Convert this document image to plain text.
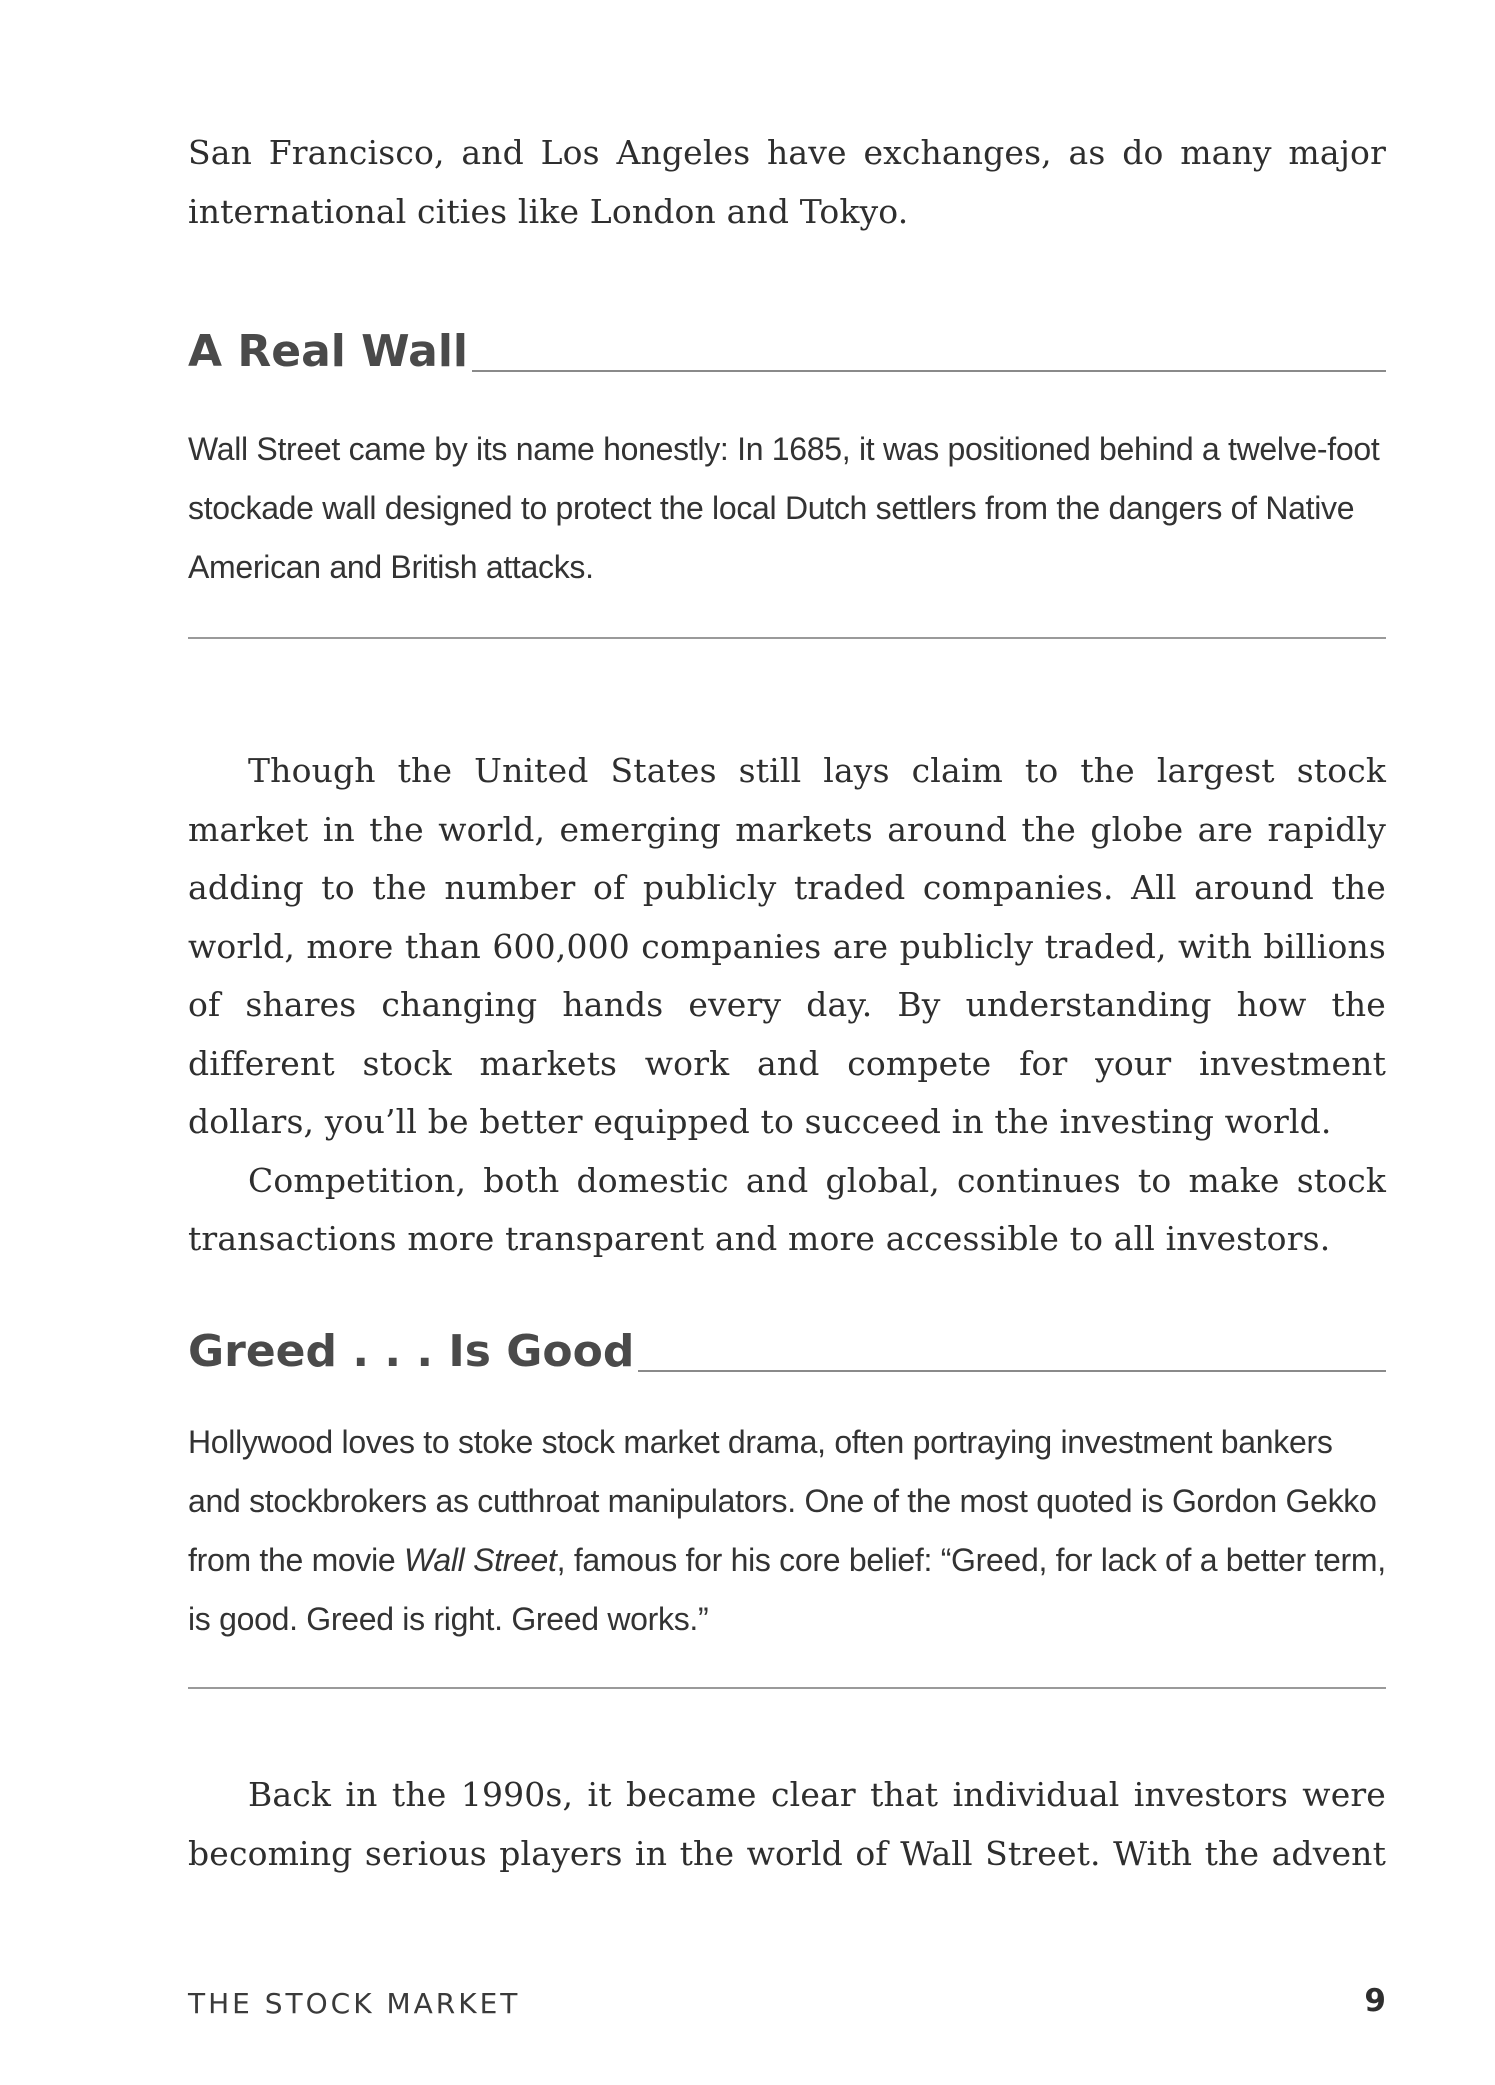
San Francisco, and Los Angeles have exchanges, as do many major

international cities like London and Tokyo.

A Real Wall

Wall Street came by its name honestly: In 1685, it was positioned behind a twelve-foot stockade wall designed to protect the local Dutch settlers from the dangers of Native American and British attacks.

Though the United States still lays claim to the largest stock market in the world, emerging markets around the globe are rapidly adding to the number of publicly traded companies. All around the world, more than 600,000 companies are publicly traded, with billions of shares changing hands every day. By understanding how the different stock markets work and compete for your investment dollars, you’ll be better equipped to succeed in the investing world.

Competition, both domestic and global, continues to make stock transactions more transparent and more accessible to all investors.

Greed . . . Is Good

Hollywood loves to stoke stock market drama, often portraying investment bankers and stockbrokers as cutthroat manipulators. One of the most quoted is Gordon Gekko from the movie Wall Street, famous for his core belief: “Greed, for lack of a better term, is good. Greed is right. Greed works.”

Back in the 1990s, it became clear that individual investors were

becoming serious players in the world of Wall Street. With the advent

THE STOCK MARKET	9
